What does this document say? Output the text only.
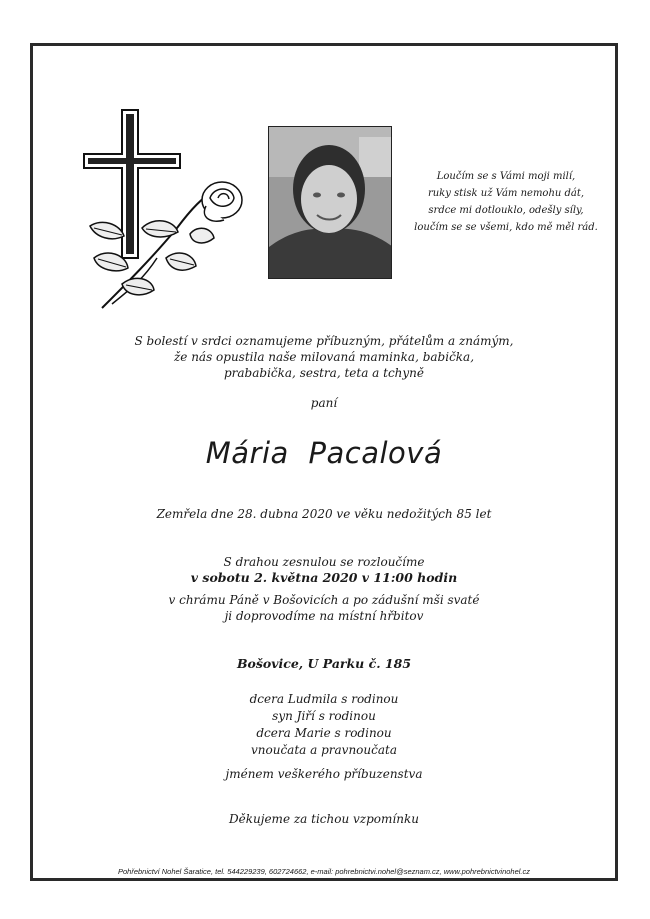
Loučím se s Vámi moji milí,
ruky stisk už Vám nemohu dát,
srdce mi dotlouklo, odešly síly,
loučím se se všemi, kdo mě měl rád.
S bolestí v srdci oznamujeme příbuzným, přátelům a známým,
že nás opustila naše milovaná maminka, babička,
prababička, sestra, teta a tchyně
paní
Mária Pacalová
Zemřela dne 28. dubna 2020 ve věku nedožitých 85 let
S drahou zesnulou se rozloučíme
v sobotu 2. května 2020 v 11:00 hodin
v chrámu Páně v Bošovicích a po zádušní mši svaté
ji doprovodíme na místní hřbitov
Bošovice, U Parku č. 185
dcera Ludmila s rodinou
syn Jiří s rodinou
dcera Marie s rodinou
vnoučata a pravnoučata
jménem veškerého příbuzenstva
Děkujeme za tichou vzpomínku
Pohřebnictví Nohel Šaratice, tel. 544229239, 602724662, e-mail: pohrebnictvi.nohel@seznam.cz, www.pohrebnictvinohel.cz
